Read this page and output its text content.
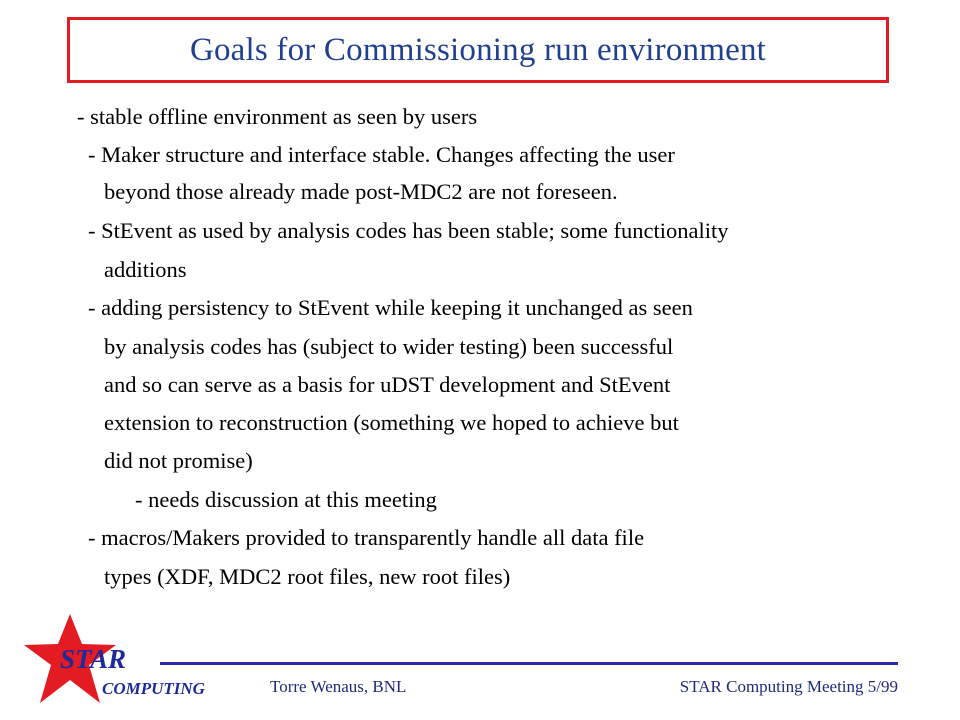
Goals for Commissioning run environment
- stable offline environment as seen by users
- Maker structure and interface stable. Changes affecting the user
beyond those already made post-MDC2 are not foreseen.
- StEvent as used by analysis codes has been stable; some functionality
additions
- adding persistency to StEvent while keeping it unchanged as seen
by analysis codes has (subject to wider testing) been successful
and so can serve as a basis for uDST development and StEvent
extension to reconstruction (something we hoped to achieve but
did not promise)
- needs discussion at this meeting
- macros/Makers provided to transparently handle all data file
types (XDF, MDC2 root files, new root files)
STAR
COMPUTING	Torre Wenaus, BNL	STAR Computing Meeting 5/99
